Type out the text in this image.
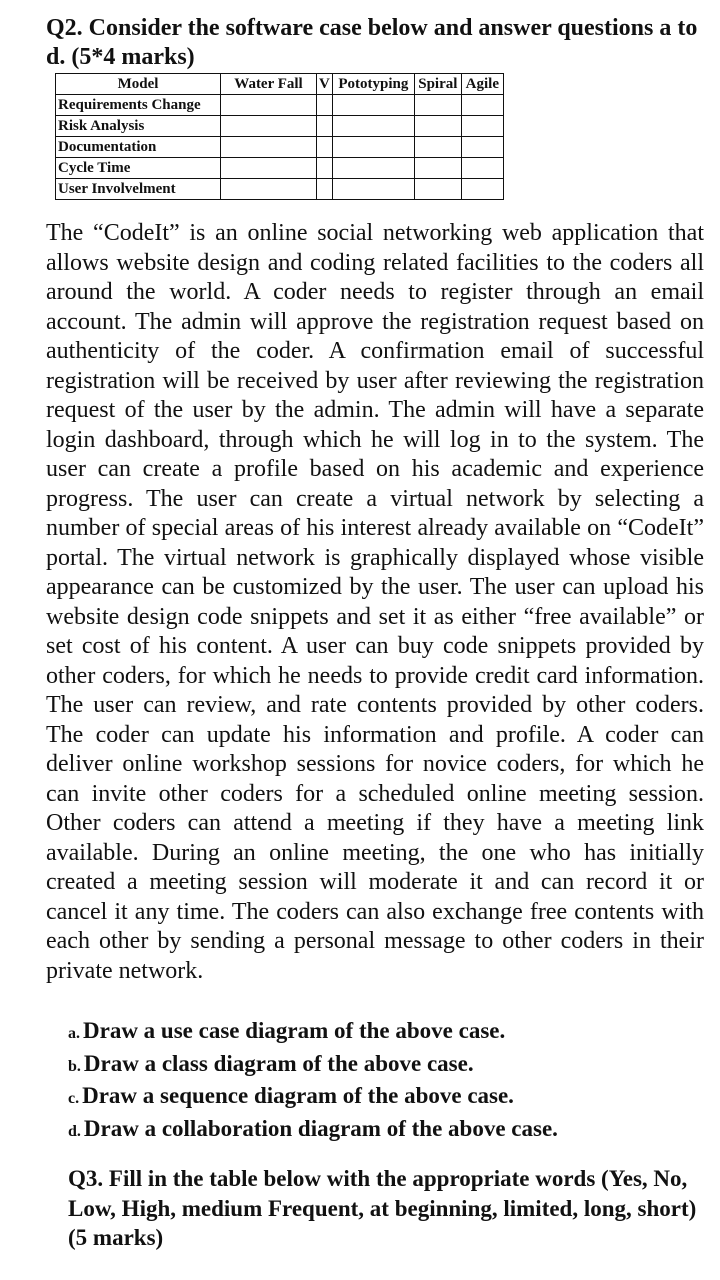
Q2. Consider the software case below and answer questions a to d. (5*4 marks)

Model	Water Fall	V	Pototyping	Spiral	Agile
Requirements Change					
Risk Analysis					
Documentation					
Cycle Time					
User Involvelment					

The “CodeIt” is an online social networking web application that allows website design and coding related facilities to the coders all around the world. A coder needs to register through an email account. The admin will approve the registration request based on authenticity of the coder. A confirmation email of successful registration will be received by user after reviewing the registration request of the user by the admin. The admin will have a separate login dashboard, through which he will log in to the system. The user can create a profile based on his academic and experience progress. The user can create a virtual network by selecting a number of special areas of his interest already available on “CodeIt” portal. The virtual network is graphically displayed whose visible appearance can be customized by the user. The user can upload his website design code snippets and set it as either “free available” or set cost of his content. A user can buy code snippets provided by other coders, for which he needs to provide credit card information. The user can review, and rate contents provided by other coders. The coder can update his information and profile. A coder can deliver online workshop sessions for novice coders, for which he can invite other coders for a scheduled online meeting session. Other coders can attend a meeting if they have a meeting link available. During an online meeting, the one who has initially created a meeting session will moderate it and can record it or cancel it any time. The coders can also exchange free contents with each other by sending a personal message to other coders in their private network.

a. Draw a use case diagram of the above case.
b. Draw a class diagram of the above case.
c. Draw a sequence diagram of the above case.
d. Draw a collaboration diagram of the above case.

Q3. Fill in the table below with the appropriate words (Yes, No, Low, High, medium Frequent, at beginning, limited, long, short) (5 marks)
